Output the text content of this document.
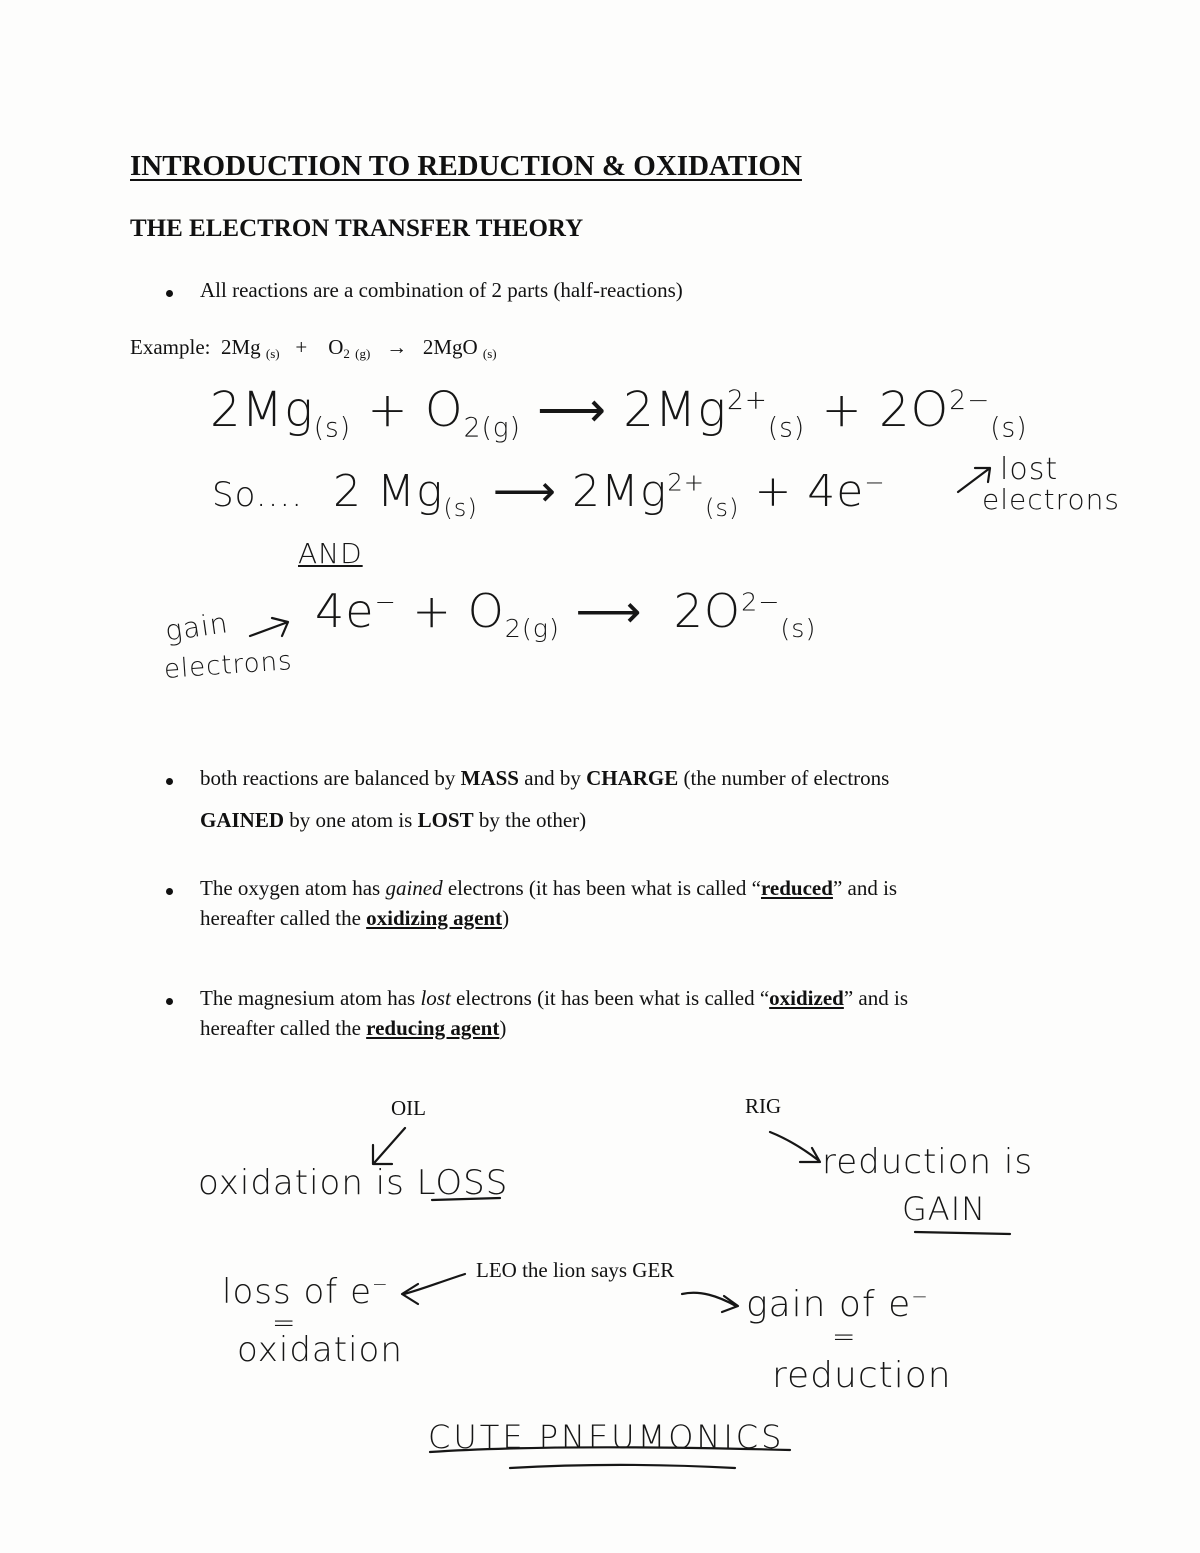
INTRODUCTION TO REDUCTION & OXIDATION
THE ELECTRON TRANSFER THEORY
All reactions are a combination of 2 parts (half-reactions)
Example: 2Mg $_{(s)} + O_2$ $_{(g)}$ → 2MgO $_{(s)}$
$2Mg_{(s)} + O_{2(g)}$ ⟶ $2Mg^{2+}_{(s)} + 2O^{2-}_{(s)}$
So.... 2 $Mg_{(s)}$ ⟶ $2Mg^{2+}_{(s)} + 4e^-$	lost
electrons
AND
$4e^- + O_{2(g)}$ ⟶ $2O^{2-}_{(s)}$
gain
electrons
both reactions are balanced by MASS and by CHARGE (the number of electrons
GAINED by one atom is LOST by the other)
The oxygen atom has gained electrons (it has been what is called “reduced” and is
hereafter called the oxidizing agent)
The magnesium atom has lost electrons (it has been what is called “oxidized” and is
hereafter called the reducing agent)
OIL	RIG
oxidation is LOSS
reduction is
GAIN
LEO the lion says GER
loss of e−
=
oxidation
gain of e−
=
reduction
CUTE PNEUMONICS
